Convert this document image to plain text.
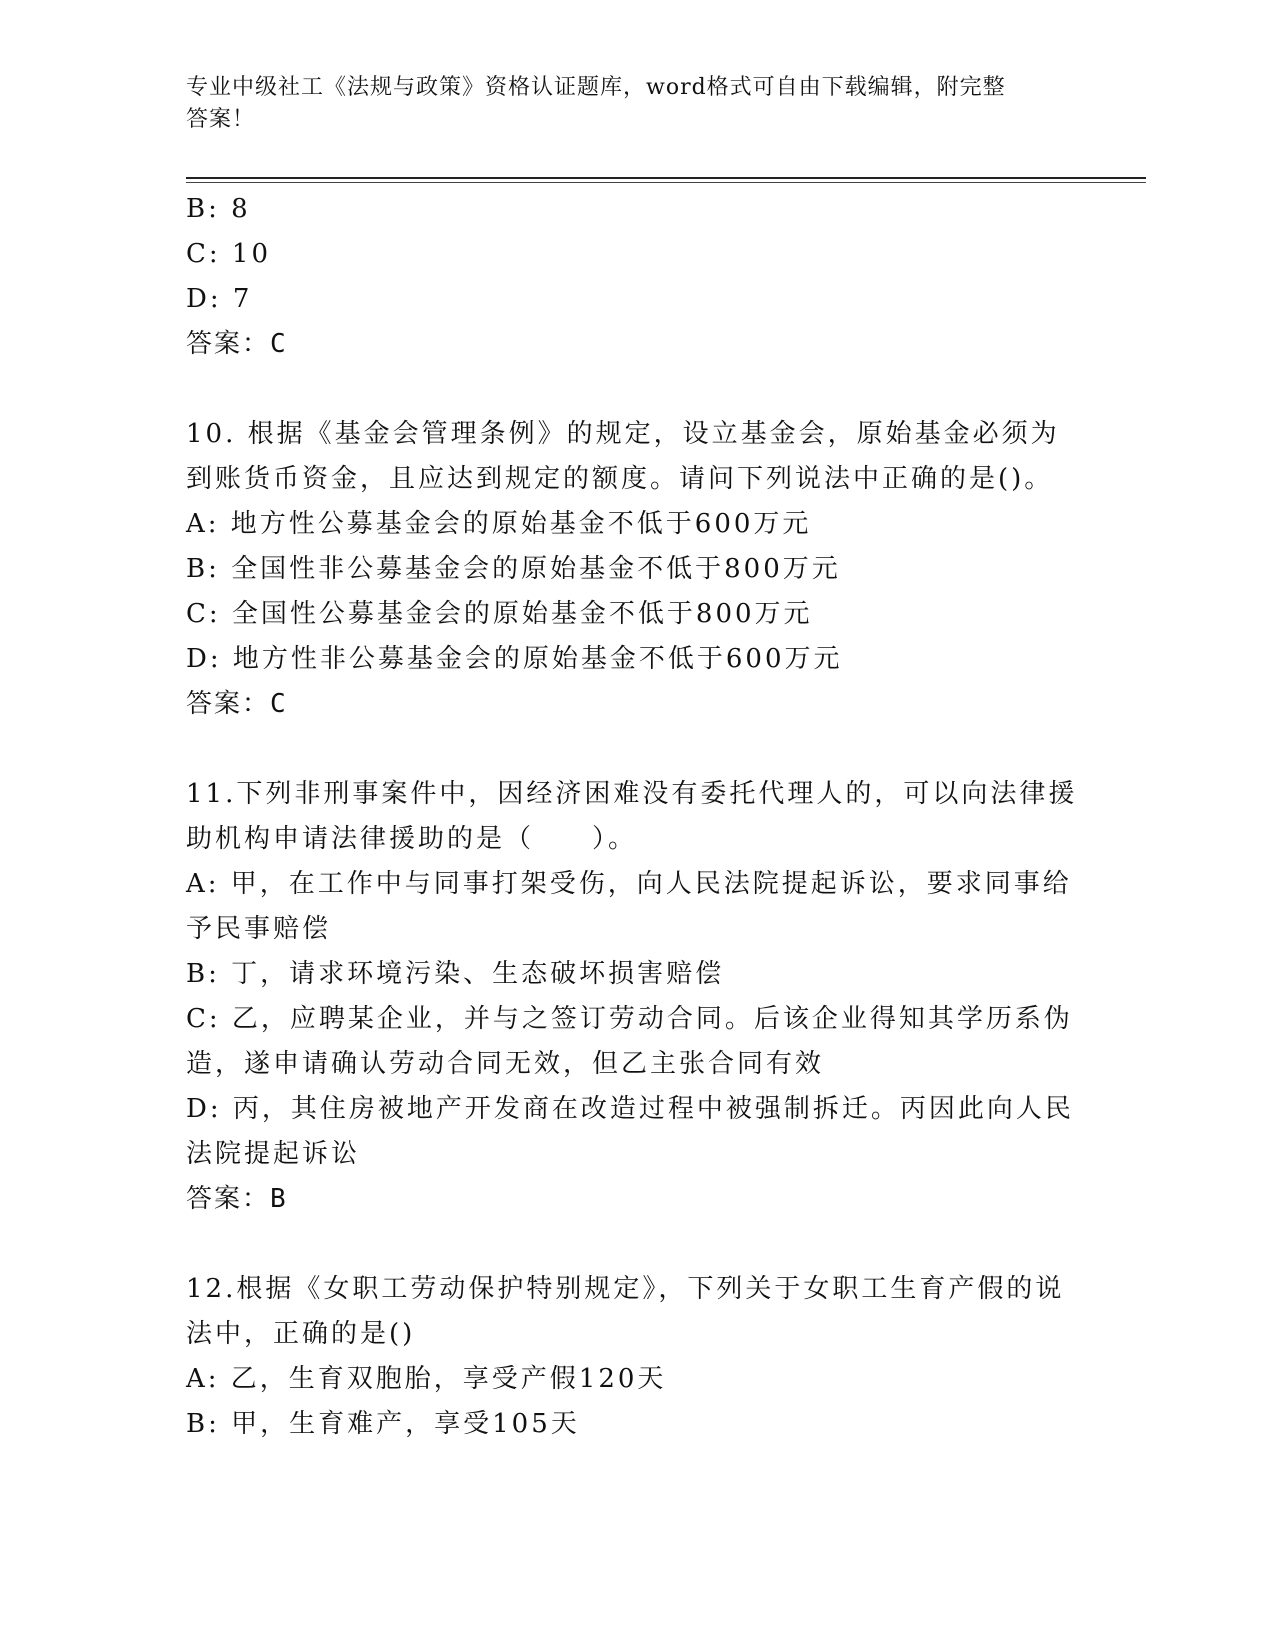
专业中级社工《法规与政策》资格认证题库，word格式可自由下载编辑，附完整
答案！

B: 8

C: 10

D: 7

答案：C

10. 根据《基金会管理条例》的规定，设立基金会，原始基金必须为

到账货币资金，且应达到规定的额度。请问下列说法中正确的是()。

A: 地方性公募基金会的原始基金不低于600万元

B: 全国性非公募基金会的原始基金不低于800万元

C: 全国性公募基金会的原始基金不低于800万元

D: 地方性非公募基金会的原始基金不低于600万元

答案：C

11.下列非刑事案件中，因经济困难没有委托代理人的，可以向法律援

助机构申请法律援助的是（　　）。

A: 甲，在工作中与同事打架受伤，向人民法院提起诉讼，要求同事给

予民事赔偿

B: 丁，请求环境污染、生态破坏损害赔偿

C: 乙，应聘某企业，并与之签订劳动合同。后该企业得知其学历系伪

造，遂申请确认劳动合同无效，但乙主张合同有效

D: 丙，其住房被地产开发商在改造过程中被强制拆迁。丙因此向人民

法院提起诉讼

答案：B

12.根据《女职工劳动保护特别规定》，下列关于女职工生育产假的说

法中，正确的是()

A: 乙，生育双胞胎，享受产假120天

B: 甲，生育难产，享受105天
